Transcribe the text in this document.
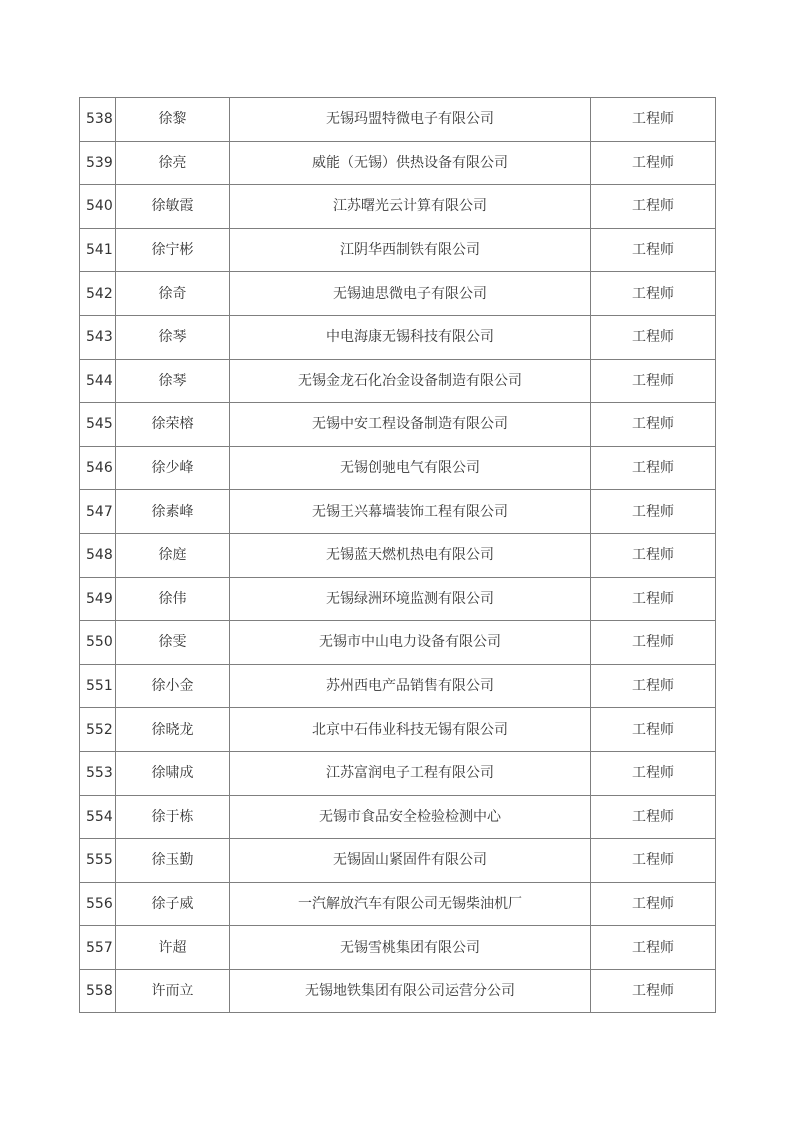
538	徐黎	无锡玛盟特微电子有限公司	工程师
539	徐亮	威能（无锡）供热设备有限公司	工程师
540	徐敏霞	江苏曙光云计算有限公司	工程师
541	徐宁彬	江阴华西制铁有限公司	工程师
542	徐奇	无锡迪思微电子有限公司	工程师
543	徐琴	中电海康无锡科技有限公司	工程师
544	徐琴	无锡金龙石化冶金设备制造有限公司	工程师
545	徐荣榕	无锡中安工程设备制造有限公司	工程师
546	徐少峰	无锡创驰电气有限公司	工程师
547	徐素峰	无锡王兴幕墙装饰工程有限公司	工程师
548	徐庭	无锡蓝天燃机热电有限公司	工程师
549	徐伟	无锡绿洲环境监测有限公司	工程师
550	徐雯	无锡市中山电力设备有限公司	工程师
551	徐小金	苏州西电产品销售有限公司	工程师
552	徐晓龙	北京中石伟业科技无锡有限公司	工程师
553	徐啸成	江苏富润电子工程有限公司	工程师
554	徐于栋	无锡市食品安全检验检测中心	工程师
555	徐玉勤	无锡固山紧固件有限公司	工程师
556	徐子威	一汽解放汽车有限公司无锡柴油机厂	工程师
557	许超	无锡雪桃集团有限公司	工程师
558	许而立	无锡地铁集团有限公司运营分公司	工程师
